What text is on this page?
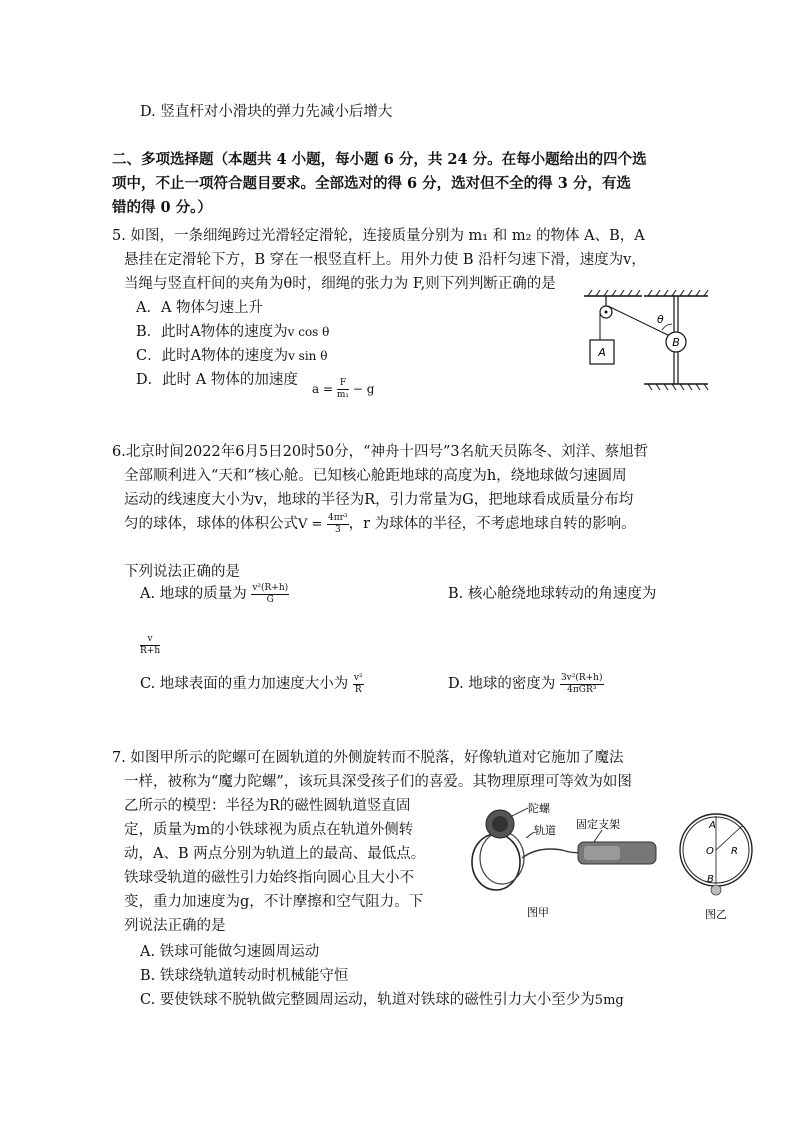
D. 竖直杆对小滑块的弹力先减小后增大
二、多项选择题（本题共 4 小题，每小题 6 分，共 24 分。在每小题给出的四个选
项中，不止一项符合题目要求。全部选对的得 6 分，选对但不全的得 3 分，有选
错的得 0 分。）
5. 如图，一条细绳跨过光滑轻定滑轮，连接质量分别为 m₁ 和 m₂ 的物体 A、B，A
悬挂在定滑轮下方，B 穿在一根竖直杆上。用外力使 B 沿杆匀速下滑，速度为v，
当绳与竖直杆间的夹角为θ时，细绳的张力为 F,则下列判断正确的是
A．A 物体匀速上升
B．此时A物体的速度为v cos θ
C．此时A物体的速度为v sin θ
D．此时 A 物体的加速度
$a = \frac{F}{\text{m₁}} - g$
A
B
θ
6.北京时间2022年6月5日20时50分，“神舟十四号”3名航天员陈冬、刘洋、蔡旭哲
全部顺利进入“天和”核心舱。已知核心舱距地球的高度为h，绕地球做匀速圆周
运动的线速度大小为v，地球的半径为R，引力常量为G，把地球看成质量分布均
匀的球体，球体的体积公式$V = \frac{\text{4πr³}}{3}$ ，r 为球体的半径，不考虑地球自转的影响。
下列说法正确的是
A. 地球的质量为 $\frac{\text{v²(R+h)}}{G}$	B. 核心舱绕地球转动的角速度为
$\frac{v}{R+h}$
C. 地球表面的重力加速度大小为 $\frac{\text{v²}}{R}$	D. 地球的密度为 $\frac{\text{3v²(R+h)}}{\text{4πGR³}}$
7. 如图甲所示的陀螺可在圆轨道的外侧旋转而不脱落，好像轨道对它施加了魔法
一样，被称为“魔力陀螺”，该玩具深受孩子们的喜爱。其物理原理可等效为如图
乙所示的模型：半径为R的磁性圆轨道竖直固
定，质量为m的小铁球视为质点在轨道外侧转
动，A、B 两点分别为轨道上的最高、最低点。
铁球受轨道的磁性引力始终指向圆心且大小不
变，重力加速度为g，不计摩擦和空气阻力。下
列说法正确的是
A. 铁球可能做匀速圆周运动
B. 铁球绕轨道转动时机械能守恒
C. 要使铁球不脱轨做完整圆周运动，轨道对铁球的磁性引力大小至少为5mg
陀螺
轨道 固定支架
图甲
A
O R
B
图乙
